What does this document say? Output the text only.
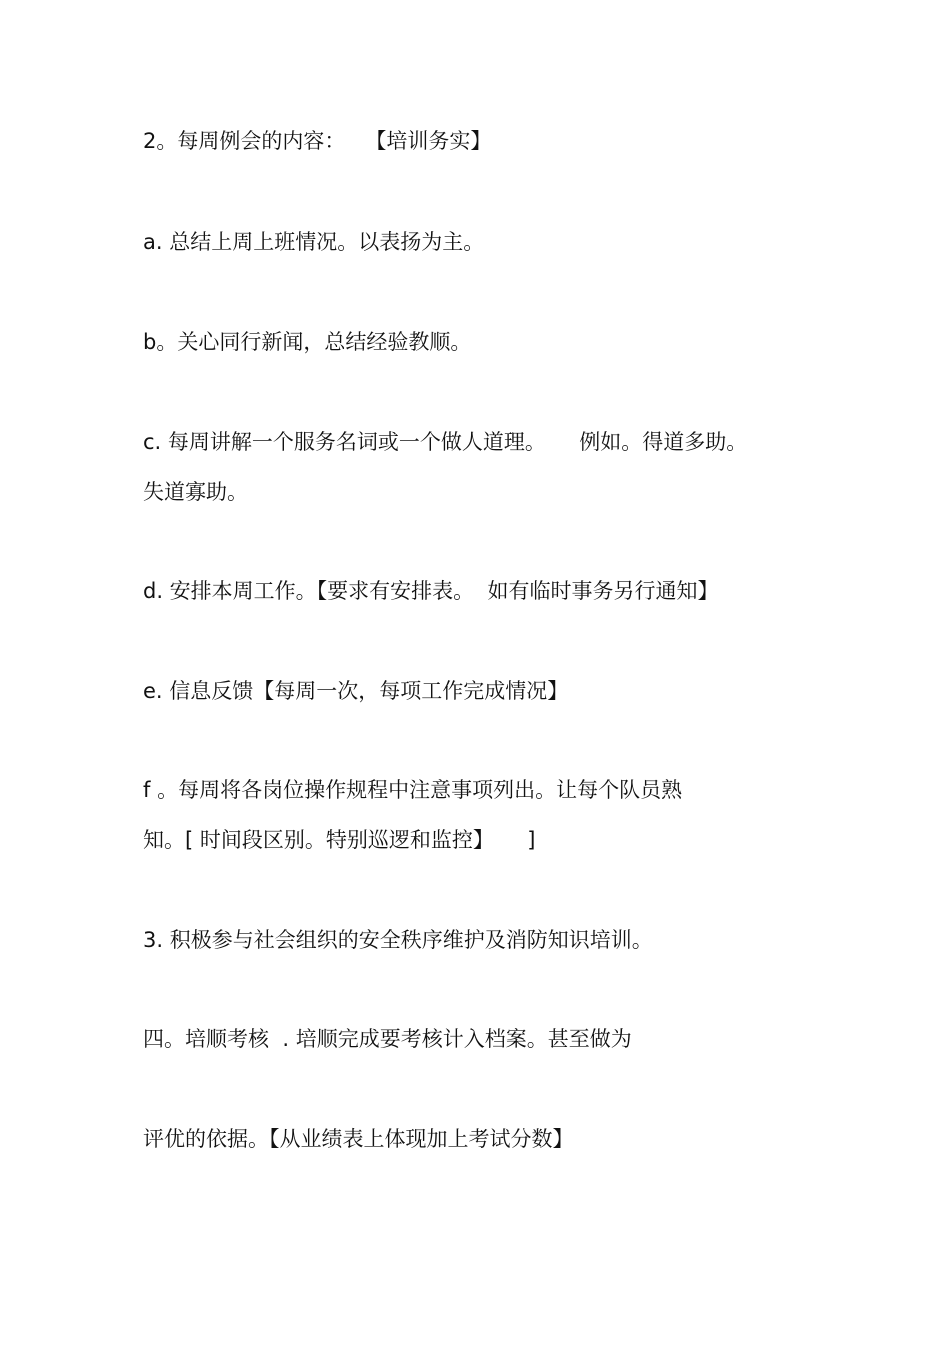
2。每周例会的内容：   【培训务实】

a. 总结上周上班情况。以表扬为主。

b。关心同行新闻，总结经验教顺。

c. 每周讲解一个服务名词或一个做人道理。     例如。得道多助。

失道寡助。

d. 安排本周工作。【要求有安排表。  如有临时事务另行通知】

e. 信息反馈【每周一次，每项工作完成情况】

f 。每周将各岗位操作规程中注意事项列出。让每个队员熟

知。[ 时间段区别。特别巡逻和监控】     ]

3. 积极参与社会组织的安全秩序维护及消防知识培训。

四。培顺考核  . 培顺完成要考核计入档案。甚至做为

评优的依据。【从业绩表上体现加上考试分数】
